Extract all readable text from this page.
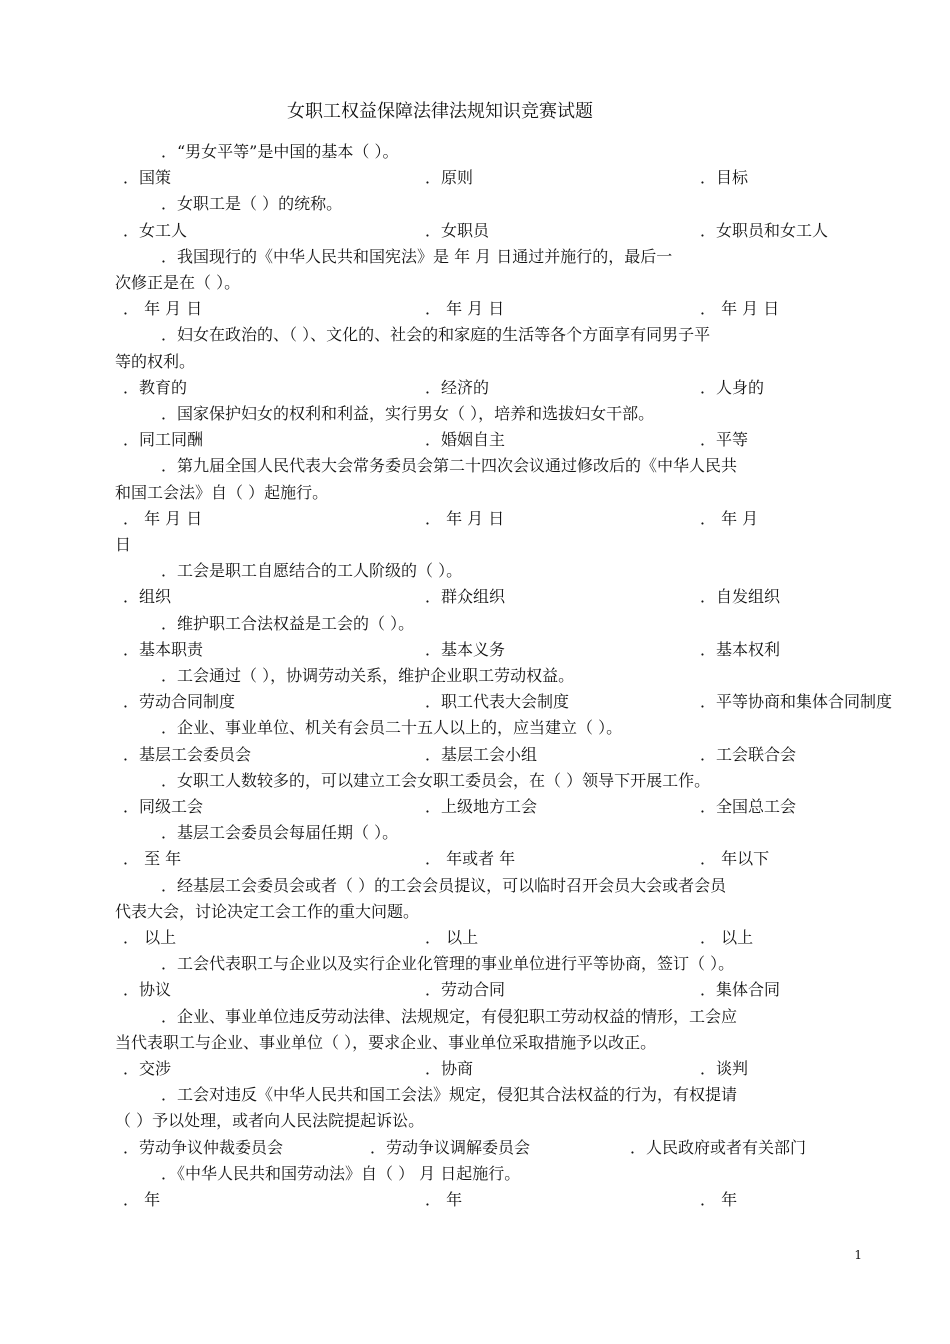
女职工权益保障法律法规知识竞赛试题
．“男女平等”是中国的基本（ ）。
．国策	．原则	．目标
．女职工是（ ）的统称。
．女工人	．女职员	．女职员和女工人
．我国现行的《中华人民共和国宪法》是 年 月 日通过并施行的，最后一
次修正是在（ ）。
． 年 月 日	． 年 月 日	． 年 月 日
．妇女在政治的、（ ）、文化的、社会的和家庭的生活等各个方面享有同男子平
等的权利。
．教育的	．经济的	．人身的
．国家保护妇女的权利和利益，实行男女（ ），培养和选拔妇女干部。
．同工同酬	．婚姻自主	．平等
．第九届全国人民代表大会常务委员会第二十四次会议通过修改后的《中华人民共
和国工会法》自（ ）起施行。
． 年 月 日	． 年 月 日	． 年 月
日
．工会是职工自愿结合的工人阶级的（ ）。
．组织	．群众组织	．自发组织
．维护职工合法权益是工会的（ ）。
．基本职责	．基本义务	．基本权利
．工会通过（ ），协调劳动关系，维护企业职工劳动权益。
．劳动合同制度	．职工代表大会制度	．平等协商和集体合同制度
．企业、事业单位、机关有会员二十五人以上的，应当建立（ ）。
．基层工会委员会	．基层工会小组	．工会联合会
．女职工人数较多的，可以建立工会女职工委员会，在（ ）领导下开展工作。
．同级工会	．上级地方工会	．全国总工会
．基层工会委员会每届任期（ ）。
． 至 年	． 年或者 年	． 年以下
．经基层工会委员会或者（ ）的工会会员提议，可以临时召开会员大会或者会员
代表大会，讨论决定工会工作的重大问题。
． 以上	． 以上	． 以上
．工会代表职工与企业以及实行企业化管理的事业单位进行平等协商，签订（ ）。
．协议	．劳动合同	．集体合同
．企业、事业单位违反劳动法律、法规规定，有侵犯职工劳动权益的情形，工会应
当代表职工与企业、事业单位（ ），要求企业、事业单位采取措施予以改正。
．交涉	．协商	．谈判
．工会对违反《中华人民共和国工会法》规定，侵犯其合法权益的行为，有权提请
（ ）予以处理，或者向人民法院提起诉讼。
．劳动争议仲裁委员会	．劳动争议调解委员会	．人民政府或者有关部门
．《中华人民共和国劳动法》自（ ） 月 日起施行。
． 年	． 年	． 年
1
